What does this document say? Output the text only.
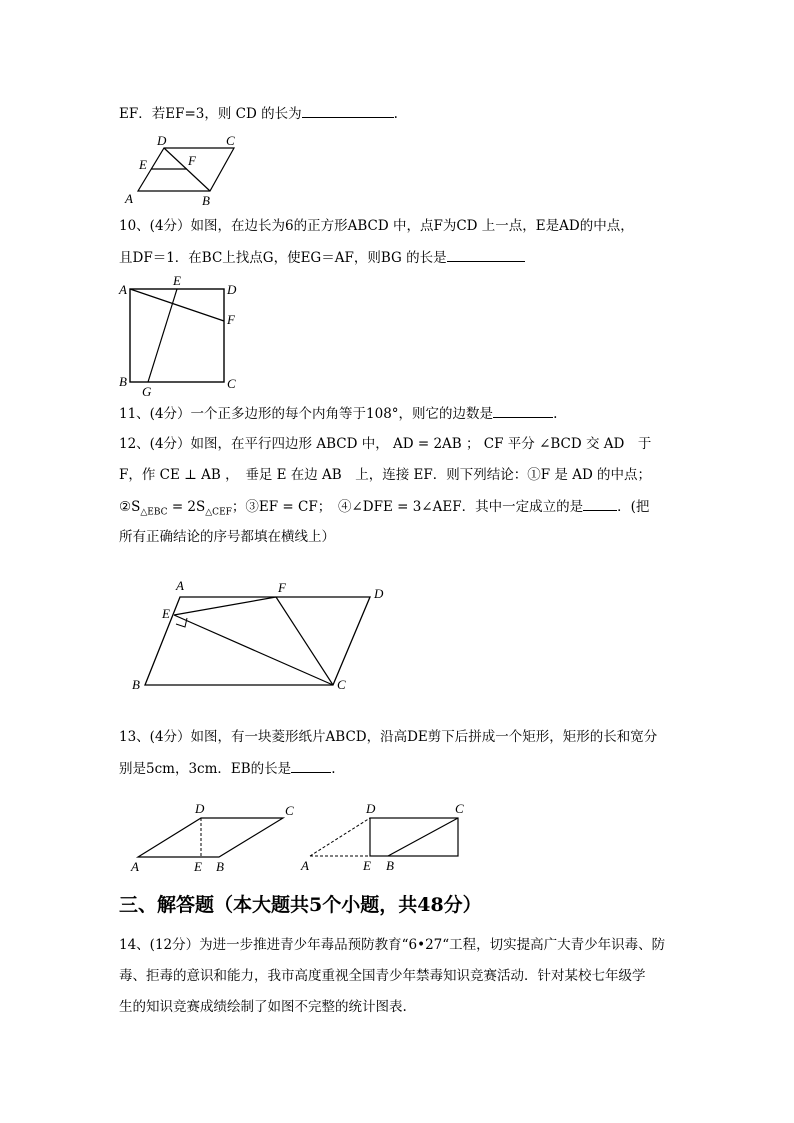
EF．若EF=3，则 CD 的长为	.
D	C
E	F
A	B
10、(4分）如图，在边长为6的正方形ABCD 中，点F为CD 上一点，E是AD的中点，
且DF＝1．在BC上找点G，使EG＝AF，则BG 的长是
A
E
D
F
B
G
C
11、(4分）一个正多边形的每个内角等于108°，则它的边数是	.
12、(4分）如图，在平行四边形 ABCD 中， AD = 2AB ； CF 平分 ∠BCD 交 AD　于
F，作 CE ⊥ AB ，　垂足 E 在边 AB　上，连接 EF．则下列结论：①F 是 AD 的中点；
$②S_{\triangle EBC} = 2S_{\triangle CEF}$；③EF = CF；　④∠DFE = 3∠AEF．其中一定成立的是	．(把
所有正确结论的序号都填在横线上）
A	F	D
E
B	C
13、(4分）如图，有一块菱形纸片ABCD，沿高DE剪下后拼成一个矩形，矩形的长和宽分
别是5cm，3cm．EB的长是	.
D	C
A	E B
D	C
A	E B
三、解答题（本大题共5个小题，共48分）
14、(12分）为进一步推进青少年毒品预防教育“6•27“工程，切实提高广大青少年识毒、防
毒、拒毒的意识和能力，我市高度重视全国青少年禁毒知识竞赛活动．针对某校七年级学
生的知识竞赛成绩绘制了如图不完整的统计图表.
